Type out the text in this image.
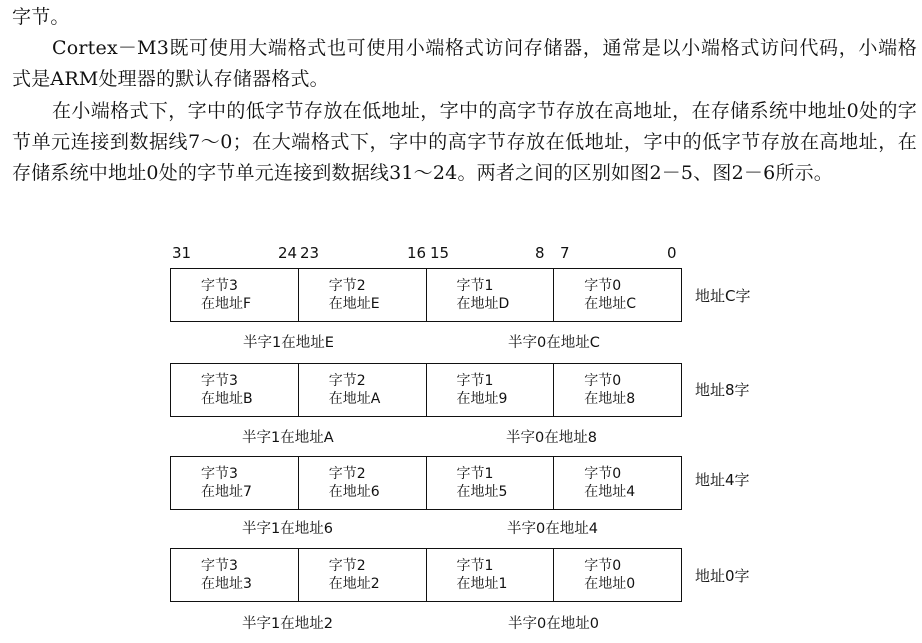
字节。

Cortex－M3既可使用大端格式也可使用小端格式访问存储器，通常是以小端格式访问代码，小端格式是ARM处理器的默认存储器格式。

在小端格式下，字中的低字节存放在低地址，字中的高字节存放在高地址，在存储系统中地址0处的字节单元连接到数据线7～0；在大端格式下，字中的高字节存放在低地址，字中的低字节存放在高地址，在存储系统中地址0处的字节单元连接到数据线31～24。两者之间的区别如图2－5、图2－6所示。

31	24 23	16 15	8 7	0
字节3
在地址F
字节2
在地址E
字节1
在地址D
字节0
在地址C	地址C字
半字1在地址E	半字0在地址C
字节3
在地址B
字节2
在地址A
字节1
在地址9
字节0
在地址8	地址8字
半字1在地址A	半字0在地址8
字节3
在地址7
字节2
在地址6
字节1
在地址5
字节0
在地址4
地址4字
半字1在地址6	半字0在地址4
字节3
在地址3
字节2
在地址2
字节1
在地址1
字节0
在地址0	地址0字
半字1在地址2	半字0在地址0
